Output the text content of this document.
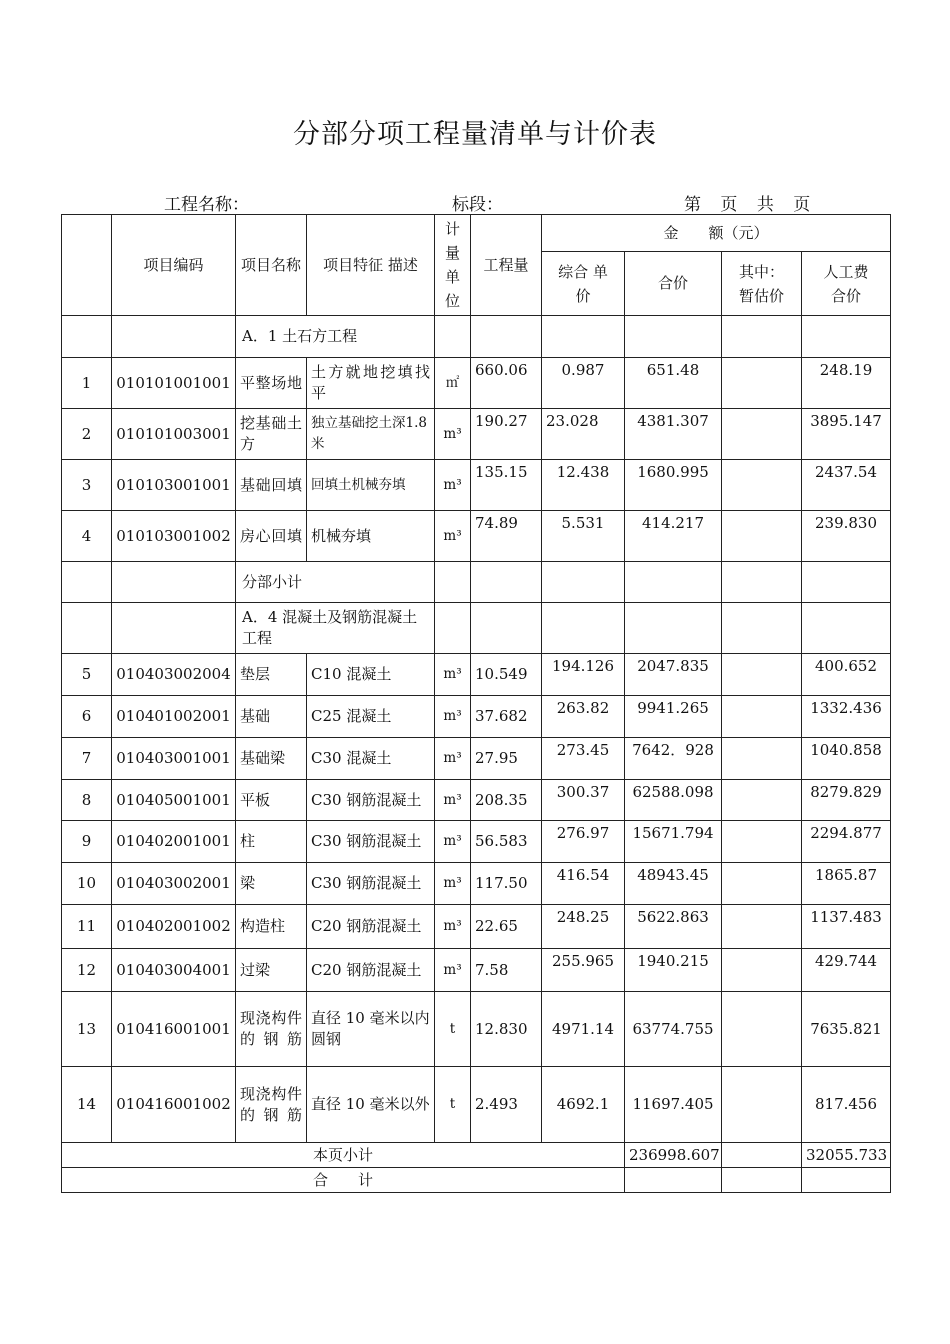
分部分项工程量清单与计价表
工程名称：	标段：	第 页 共 页
	项目编码	项目名称	项目特征 描述	计量单位	工程量	金　　额（元）			
						综合 单价	合价	其中：暂估价	人工费合价
		A．1 土石方工程							
1	010101001001	平整场地	土方就地挖填找平	㎡	660.06	0.987	651.48		248.19
2	010101003001	挖基础土方	独立基础挖土深1.8 米	m³	190.27	23.028	4381.307		3895.147
3	010103001001	基础回填	回填土机械夯填	m³	135.15	12.438	1680.995		2437.54
4	010103001002	房心回填	机械夯填	m³	74.89	5.531	414.217		239.830
		分部小计							
		A．4 混凝土及钢筋混凝土工程							
5	010403002004	垫层	C10 混凝土	m³	10.549	194.126	2047.835		400.652
6	010401002001	基础	C25 混凝土	m³	37.682	263.82	9941.265		1332.436
7	010403001001	基础梁	C30 混凝土	m³	27.95	273.45	7642．928		1040.858
8	010405001001	平板	C30 钢筋混凝土	m³	208.35	300.37	62588.098		8279.829
9	010402001001	柱	C30 钢筋混凝土	m³	56.583	276.97	15671.794		2294.877
10	010403002001	梁	C30 钢筋混凝土	m³	117.50	416.54	48943.45		1865.87
11	010402001002	构造柱	C20 钢筋混凝土	m³	22.65	248.25	5622.863		1137.483
12	010403004001	过梁	C20 钢筋混凝土	m³	7.58	255.965	1940.215		429.744
13	010416001001	现浇构件的钢筋	直径 10 毫米以内圆钢	t	12.830	4971.14	63774.755		7635.821
14	010416001002	现浇构件的钢筋	直径 10 毫米以外	t	2.493	4692.1	11697.405		817.456
本页小计							236998.607		32055.733
合　　计									
